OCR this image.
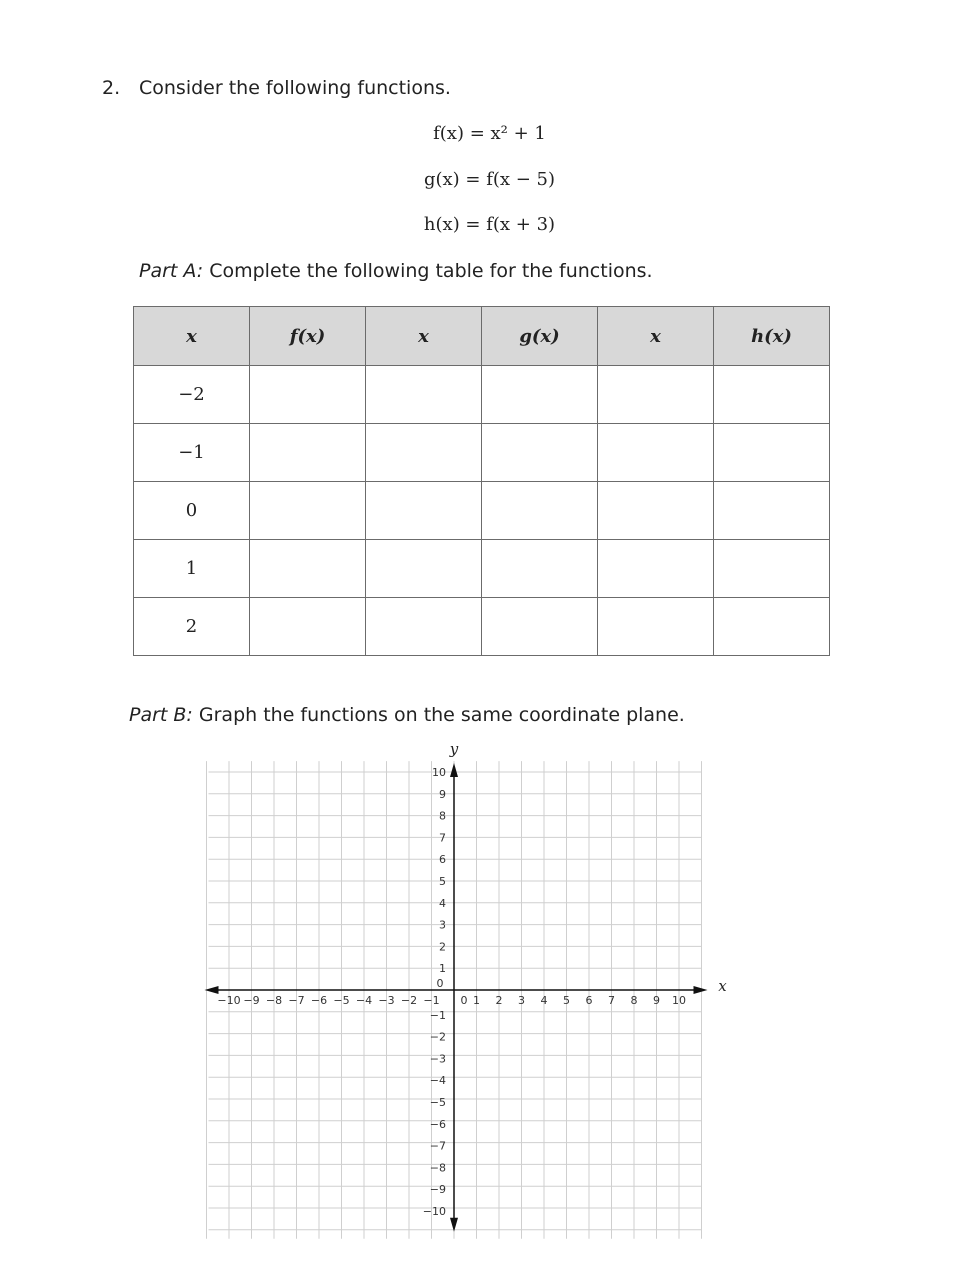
2. Consider the following functions.
f(x) = x² + 1
g(x) = f(x − 5)
h(x) = f(x + 3)
Part A: Complete the following table for the functions.
x	f(x)	x	g(x)	x	h(x)
−2					
−1					
0					
1					
2					
Part B: Graph the functions on the same coordinate plane.
y
x
−10 −9 −8 −7 −6 −5 −4 −3 −2 −1 0 1 2 3 4 5 6 7 8 9 10
10
9
8
7
6
5
4
3
2
1
0
−1
−2
−3
−4
−5
−6
−7
−8
−9
−10
